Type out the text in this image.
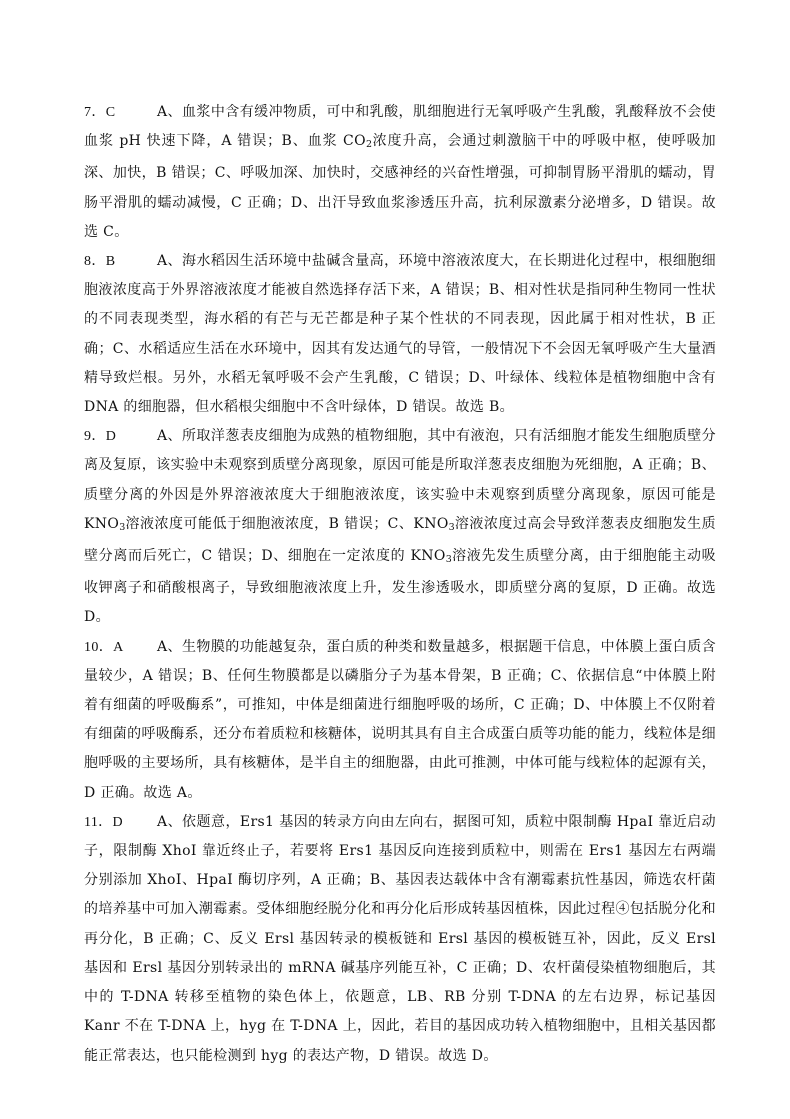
7．C	A、血浆中含有缓冲物质，可中和乳酸，肌细胞进行无氧呼吸产生乳酸，乳酸释放不会使血浆 pH 快速下降，A 错误；B、血浆 $CO_2$浓度升高，会通过刺激脑干中的呼吸中枢，使呼吸加深、加快，B 错误；C、呼吸加深、加快时，交感神经的兴奋性增强，可抑制胃肠平滑肌的蠕动，胃肠平滑肌的蠕动减慢，C 正确；D、出汗导致血浆渗透压升高，抗利尿激素分泌增多，D 错误。故选 C。

8．B	A、海水稻因生活环境中盐碱含量高，环境中溶液浓度大，在长期进化过程中，根细胞细胞液浓度高于外界溶液浓度才能被自然选择存活下来，A 错误；B、相对性状是指同种生物同一性状的不同表现类型，海水稻的有芒与无芒都是种子某个性状的不同表现，因此属于相对性状，B 正确；C、水稻适应生活在水环境中，因其有发达通气的导管，一般情况下不会因无氧呼吸产生大量酒精导致烂根。另外，水稻无氧呼吸不会产生乳酸，C 错误；D、叶绿体、线粒体是植物细胞中含有 DNA 的细胞器，但水稻根尖细胞中不含叶绿体，D 错误。故选 B。

9．D	A、所取洋葱表皮细胞为成熟的植物细胞，其中有液泡，只有活细胞才能发生细胞质壁分离及复原，该实验中未观察到质壁分离现象，原因可能是所取洋葱表皮细胞为死细胞，A 正确；B、质壁分离的外因是外界溶液浓度大于细胞液浓度，该实验中未观察到质壁分离现象，原因可能是 $KNO_3$溶液浓度可能低于细胞液浓度，B 错误；C、$KNO_3$溶液浓度过高会导致洋葱表皮细胞发生质壁分离而后死亡，C 错误；D、细胞在一定浓度的 $KNO_3$溶液先发生质壁分离，由于细胞能主动吸收钾离子和硝酸根离子，导致细胞液浓度上升，发生渗透吸水，即质壁分离的复原，D 正确。故选 D。

10．A A、生物膜的功能越复杂，蛋白质的种类和数量越多，根据题干信息，中体膜上蛋白质含量较少，A 错误；B、任何生物膜都是以磷脂分子为基本骨架，B 正确；C、依据信息“中体膜上附着有细菌的呼吸酶系”，可推知，中体是细菌进行细胞呼吸的场所，C 正确；D、中体膜上不仅附着有细菌的呼吸酶系，还分布着质粒和核糖体，说明其具有自主合成蛋白质等功能的能力，线粒体是细胞呼吸的主要场所，具有核糖体，是半自主的细胞器，由此可推测，中体可能与线粒体的起源有关，D 正确。故选 A。

11．D A、依题意，Ers1 基因的转录方向由左向右，据图可知，质粒中限制酶 HpaI 靠近启动子，限制酶 XhoI 靠近终止子，若要将 Ers1 基因反向连接到质粒中，则需在 Ers1 基因左右两端分别添加 XhoI、HpaI 酶切序列，A 正确；B、基因表达载体中含有潮霉素抗性基因，筛选农杆菌的培养基中可加入潮霉素。受体细胞经脱分化和再分化后形成转基因植株，因此过程④包括脱分化和再分化，B 正确；C、反义 Ersl 基因转录的模板链和 Ersl 基因的模板链互补，因此，反义 Ersl 基因和 Ersl 基因分别转录出的 mRNA 碱基序列能互补，C 正确；D、农杆菌侵染植物细胞后，其中的 T-DNA 转移至植物的染色体上，依题意，LB、RB 分别 T-DNA 的左右边界，标记基因 Kanr 不在 T-DNA 上，hyg 在 T-DNA 上，因此，若目的基因成功转入植物细胞中，且相关基因都能正常表达，也只能检测到 hyg 的表达产物，D 错误。故选 D。
